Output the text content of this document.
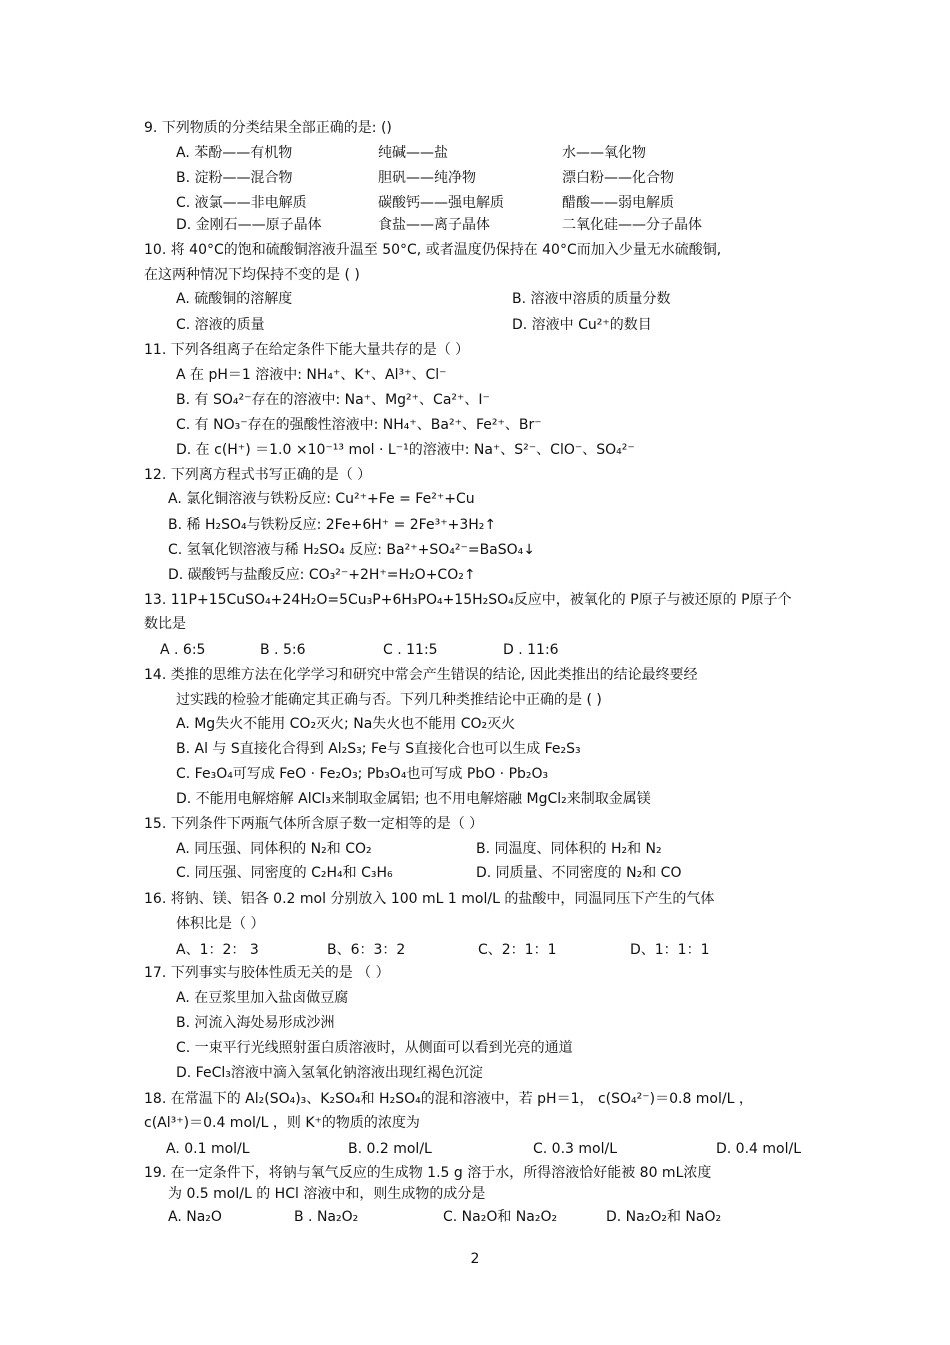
9. 下列物质的分类结果全部正确的是: ()
A. 苯酚——有机物	纯碱——盐	水——氧化物
B. 淀粉——混合物	胆矾——纯净物	漂白粉——化合物
C. 液氯——非电解质	碳酸钙——强电解质	醋酸——弱电解质
D. 金刚石——原子晶体	食盐——离子晶体	二氧化硅——分子晶体
10. 将 40°C的饱和硫酸铜溶液升温至 50°C, 或者温度仍保持在 40°C而加入少量无水硫酸铜,
在这两种情况下均保持不变的是 ( )
A. 硫酸铜的溶解度	B. 溶液中溶质的质量分数
C. 溶液的质量	D. 溶液中 Cu²⁺的数目
11. 下列各组离子在给定条件下能大量共存的是（ ）
A 在 pH＝1 溶液中: NH₄⁺、K⁺、Al³⁺、Cl⁻
B. 有 SO₄²⁻存在的溶液中: Na⁺、Mg²⁺、Ca²⁺、I⁻
C. 有 NO₃⁻存在的强酸性溶液中: NH₄⁺、Ba²⁺、Fe²⁺、Br⁻
D. 在 c(H⁺) ＝1.0 ×10⁻¹³ mol · L⁻¹的溶液中: Na⁺、S²⁻、ClO⁻、SO₄²⁻
12. 下列离方程式书写正确的是（ ）
A. 氯化铜溶液与铁粉反应: Cu²⁺+Fe = Fe²⁺+Cu
B. 稀 H₂SO₄与铁粉反应: 2Fe+6H⁺ = 2Fe³⁺+3H₂↑
C. 氢氧化钡溶液与稀 H₂SO₄ 反应: Ba²⁺+SO₄²⁻=BaSO₄↓
D. 碳酸钙与盐酸反应: CO₃²⁻+2H⁺=H₂O+CO₂↑
13. 11P+15CuSO₄+24H₂O=5Cu₃P+6H₃PO₄+15H₂SO₄反应中，被氧化的 P原子与被还原的 P原子个
数比是
A . 6:5	B . 5:6	C . 11:5	D . 11:6
14. 类推的思维方法在化学学习和研究中常会产生错误的结论, 因此类推出的结论最终要经
过实践的检验才能确定其正确与否。下列几种类推结论中正确的是 ( )
A. Mg失火不能用 CO₂灭火; Na失火也不能用 CO₂灭火
B. Al 与 S直接化合得到 Al₂S₃; Fe与 S直接化合也可以生成 Fe₂S₃
C. Fe₃O₄可写成 FeO · Fe₂O₃; Pb₃O₄也可写成 PbO · Pb₂O₃
D. 不能用电解熔解 AlCl₃来制取金属铝; 也不用电解熔融 MgCl₂来制取金属镁
15. 下列条件下两瓶气体所含原子数一定相等的是（ ）
A. 同压强、同体积的 N₂和 CO₂	B. 同温度、同体积的 H₂和 N₂
C. 同压强、同密度的 C₂H₄和 C₃H₆	D. 同质量、不同密度的 N₂和 CO
16. 将钠、镁、铝各 0.2 mol 分别放入 100 mL 1 mol/L 的盐酸中，同温同压下产生的气体
体积比是（ ）
A、1：2： 3	B、6：3：2	C、2：1：1	D、1：1：1
17. 下列事实与胶体性质无关的是 （ ）
A. 在豆浆里加入盐卤做豆腐
B. 河流入海处易形成沙洲
C. 一束平行光线照射蛋白质溶液时，从侧面可以看到光亮的通道
D. FeCl₃溶液中滴入氢氧化钠溶液出现红褐色沉淀
18. 在常温下的 Al₂(SO₄)₃、K₂SO₄和 H₂SO₄的混和溶液中，若 pH＝1， c(SO₄²⁻)＝0.8 mol/L ，
c(Al³⁺)＝0.4 mol/L ，则 K⁺的物质的浓度为
A. 0.1 mol/L	B. 0.2 mol/L	C. 0.3 mol/L	D. 0.4 mol/L
19. 在一定条件下，将钠与氧气反应的生成物 1.5 g 溶于水，所得溶液恰好能被 80 mL浓度
为 0.5 mol/L 的 HCl 溶液中和，则生成物的成分是
A. Na₂O	B . Na₂O₂	C. Na₂O和 Na₂O₂	D. Na₂O₂和 NaO₂
2
